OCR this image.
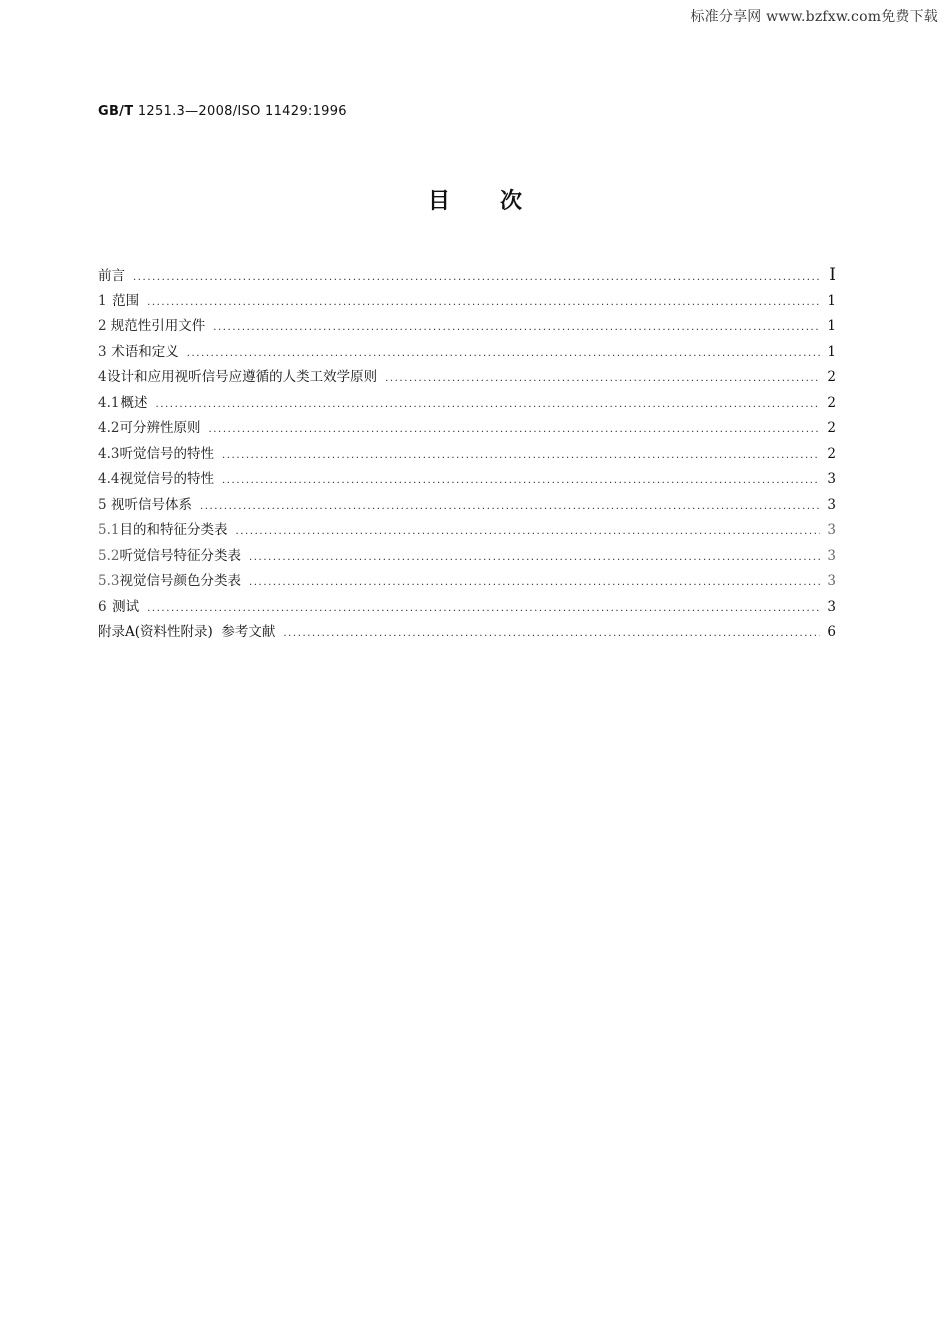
标准分享网 www.bzfxw.com免费下载
GB/T 1251.3—2008/ISO 11429:1996
目次
前言 .....	Ⅰ
1 范围 .....	1
2 规范性引用文件 .....	1
3 术语和定义 .....	1
4 设计和应用视听信号应遵循的人类工效学原则 .....	2
4.1 概述 .....	2
4.2 可分辨性原则 .....	2
4.3 听觉信号的特性 .....	2
4.4 视觉信号的特性 .....	3
5 视听信号体系 .....	3
5.1 目的和特征分类表 .....	3
5.2 听觉信号特征分类表 .....	3
5.3 视觉信号颜色分类表 .....	3
6 测试 .....	3
附录A(资料性附录)  参考文献 .....	6
